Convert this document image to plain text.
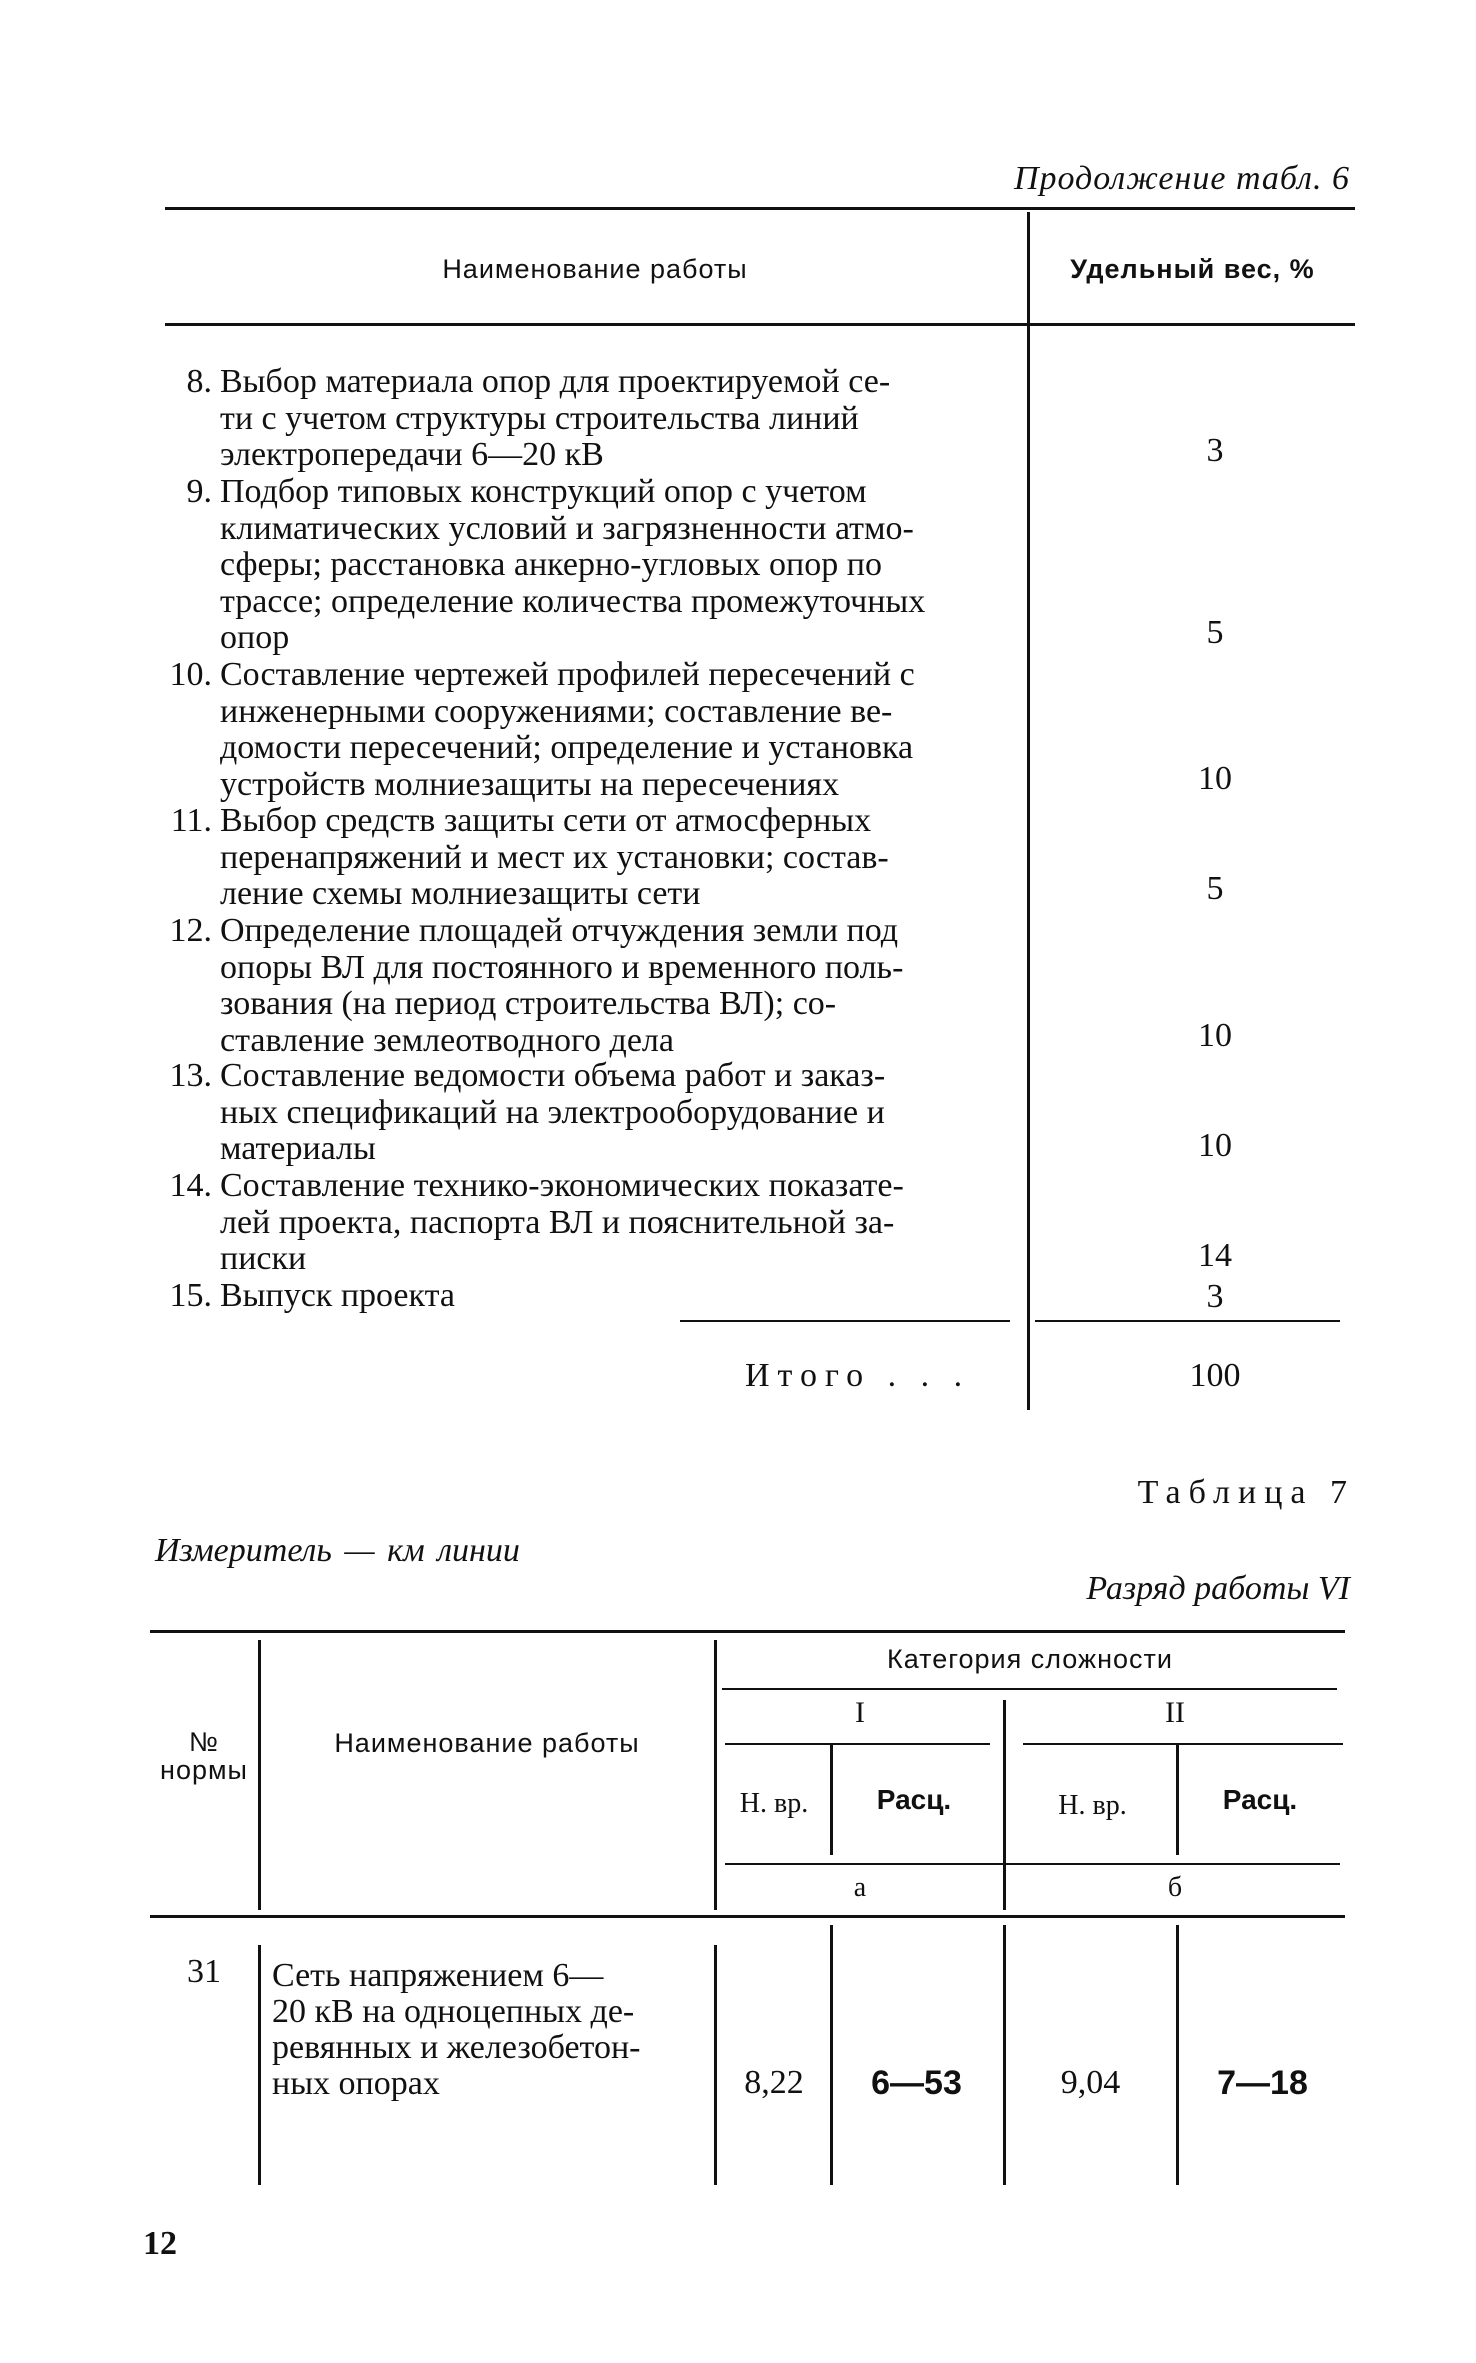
Продолжение табл. 6
Наименование работы	Удельный вес, %
8. Выбор материала опор для проектируемой се-
ти с учетом структуры строительства линий
электропередачи 6—20 кВ	3
9. Подбор типовых конструкций опор с учетом
климатических условий и загрязненности атмо-
сферы; расстановка анкерно-угловых опор по
трассе; определение количества промежуточных
опор	5
10. Составление чертежей профилей пересечений с
инженерными сооружениями; составление ве-
домости пересечений; определение и установка
устройств молниезащиты на пересечениях	10
11. Выбор средств защиты сети от атмосферных
перенапряжений и мест их установки; состав-
ление схемы молниезащиты сети	5
12. Определение площадей отчуждения земли под
опоры ВЛ для постоянного и временного поль-
зования (на период строительства ВЛ); со-
ставление землеотводного дела	10
13. Составление ведомости объема работ и заказ-
ных спецификаций на электрооборудование и
материалы	10
14. Составление технико-экономических показате-
лей проекта, паспорта ВЛ и пояснительной за-
писки	14
15. Выпуск проекта	3
Итого . . .	100
Таблица 7
Измеритель — км линии
Разряд работы VI
Категория сложности
I	II
№
нормы
Наименование работы
Н. вр.	Расц.	Н. вр.	Расц.
а	б
31	Сеть напряжением 6—
20 кВ на одноцепных де-
ревянных и железобетон-
ных опорах	8,22	6—53	9,04	7—18
12
